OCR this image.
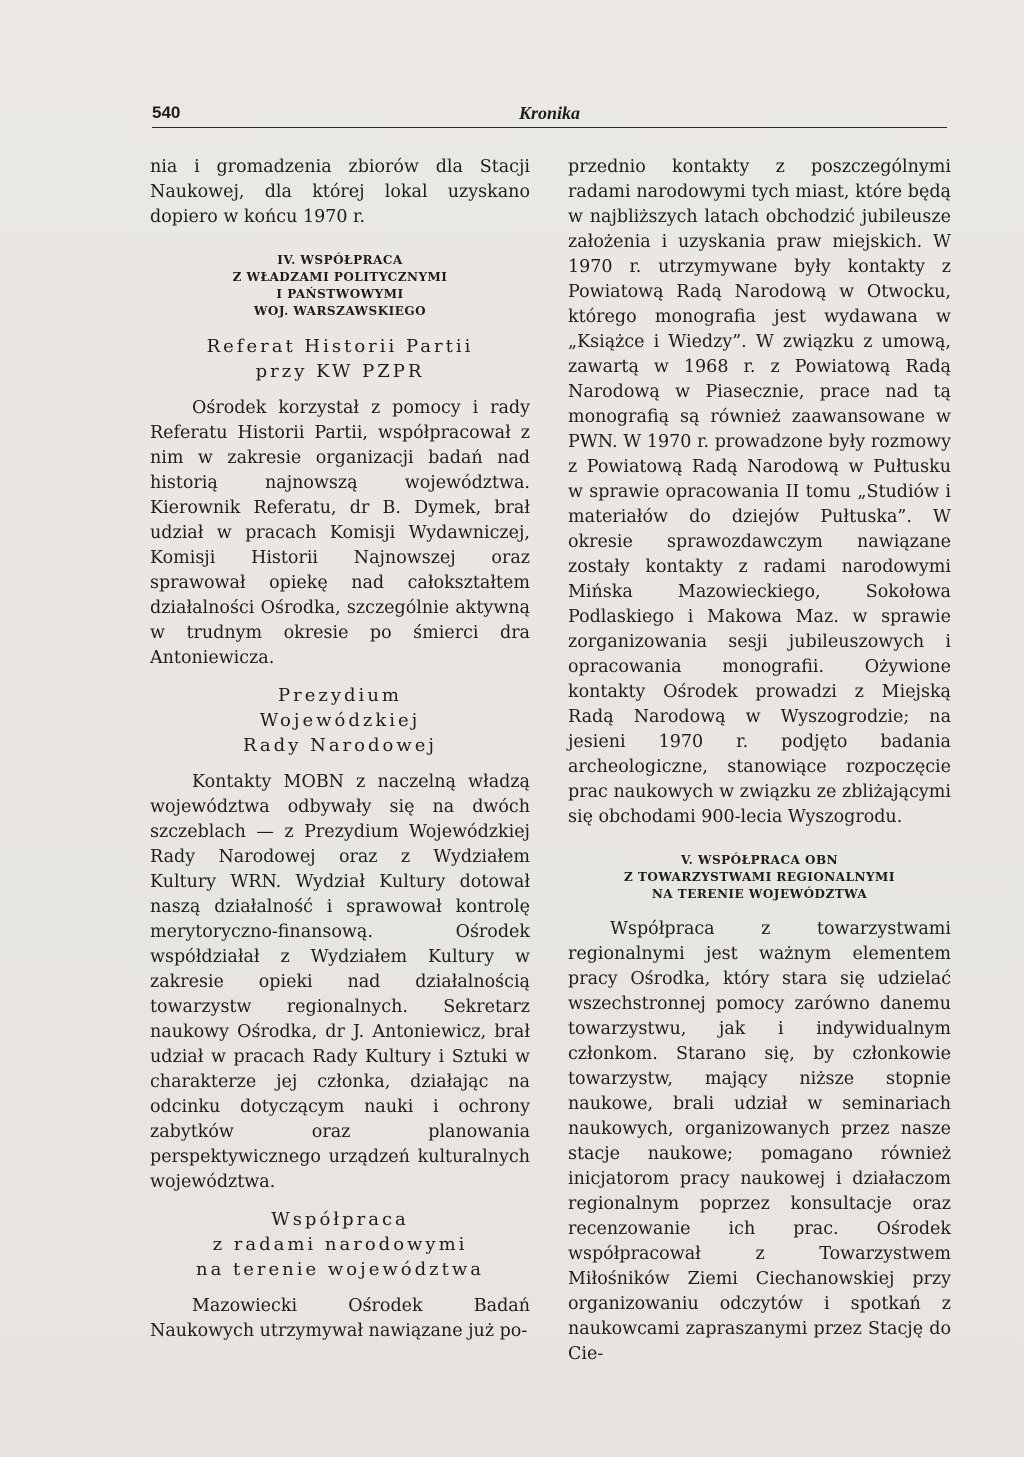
540	Kronika

nia i gromadzenia zbiorów dla Stacji Naukowej, dla której lokal uzyskano dopiero w końcu 1970 r.

IV. WSPÓŁPRACA
Z WŁADZAMI POLITYCZNYMI
I PAŃSTWOWYMI
WOJ. WARSZAWSKIEGO
Referat Historii Partii
przy KW PZPR

Ośrodek korzystał z pomocy i rady Referatu Historii Partii, współpracował z nim w zakresie organizacji badań nad historią najnowszą województwa. Kierownik Referatu, dr B. Dymek, brał udział w pracach Komisji Wydawniczej, Komisji Historii Najnowszej oraz sprawował opiekę nad całokształtem działalności Ośrodka, szczególnie aktywną w trudnym okresie po śmierci dra Antoniewicza.

Prezydium
Wojewódzkiej
Rady Narodowej

Kontakty MOBN z naczelną władzą województwa odbywały się na dwóch szczeblach — z Prezydium Wojewódzkiej Rady Narodowej oraz z Wydziałem Kultury WRN. Wydział Kultury dotował naszą działalność i sprawował kontrolę merytoryczno-finansową. Ośrodek współdziałał z Wydziałem Kultury w zakresie opieki nad działalnością towarzystw regionalnych. Sekretarz naukowy Ośrodka, dr J. Antoniewicz, brał udział w pracach Rady Kultury i Sztuki w charakterze jej członka, działając na odcinku dotyczącym nauki i ochrony zabytków oraz planowania perspektywicznego urządzeń kulturalnych województwa.

Współpraca
z radami narodowymi
na terenie województwa

Mazowiecki Ośrodek Badań Naukowych utrzymywał nawiązane już po-

przednio kontakty z poszczególnymi radami narodowymi tych miast, które będą w najbliższych latach obchodzić jubileusze założenia i uzyskania praw miejskich. W 1970 r. utrzymywane były kontakty z Powiatową Radą Narodową w Otwocku, którego monografia jest wydawana w „Książce i Wiedzy”. W związku z umową, zawartą w 1968 r. z Powiatową Radą Narodową w Piasecznie, prace nad tą monografią są również zaawansowane w PWN. W 1970 r. prowadzone były rozmowy z Powiatową Radą Narodową w Pułtusku w sprawie opracowania II tomu „Studiów i materiałów do dziejów Pułtuska”. W okresie sprawozdawczym nawiązane zostały kontakty z radami narodowymi Mińska Mazowieckiego, Sokołowa Podlaskiego i Makowa Maz. w sprawie zorganizowania sesji jubileuszowych i opracowania monografii. Ożywione kontakty Ośrodek prowadzi z Miejską Radą Narodową w Wyszogrodzie; na jesieni 1970 r. podjęto badania archeologiczne, stanowiące rozpoczęcie prac naukowych w związku ze zbliżającymi się obchodami 900-lecia Wyszogrodu.

V. WSPÓŁPRACA OBN
Z TOWARZYSTWAMI REGIONALNYMI
NA TERENIE WOJEWÓDZTWA

Współpraca z towarzystwami regionalnymi jest ważnym elementem pracy Ośrodka, który stara się udzielać wszechstronnej pomocy zarówno danemu towarzystwu, jak i indywidualnym członkom. Starano się, by członkowie towarzystw, mający niższe stopnie naukowe, brali udział w seminariach naukowych, organizowanych przez nasze stacje naukowe; pomagano również inicjatorom pracy naukowej i działaczom regionalnym poprzez konsultacje oraz recenzowanie ich prac. Ośrodek współpracował z Towarzystwem Miłośników Ziemi Ciechanowskiej przy organizowaniu odczytów i spotkań z naukowcami zapraszanymi przez Stację do Cie-
